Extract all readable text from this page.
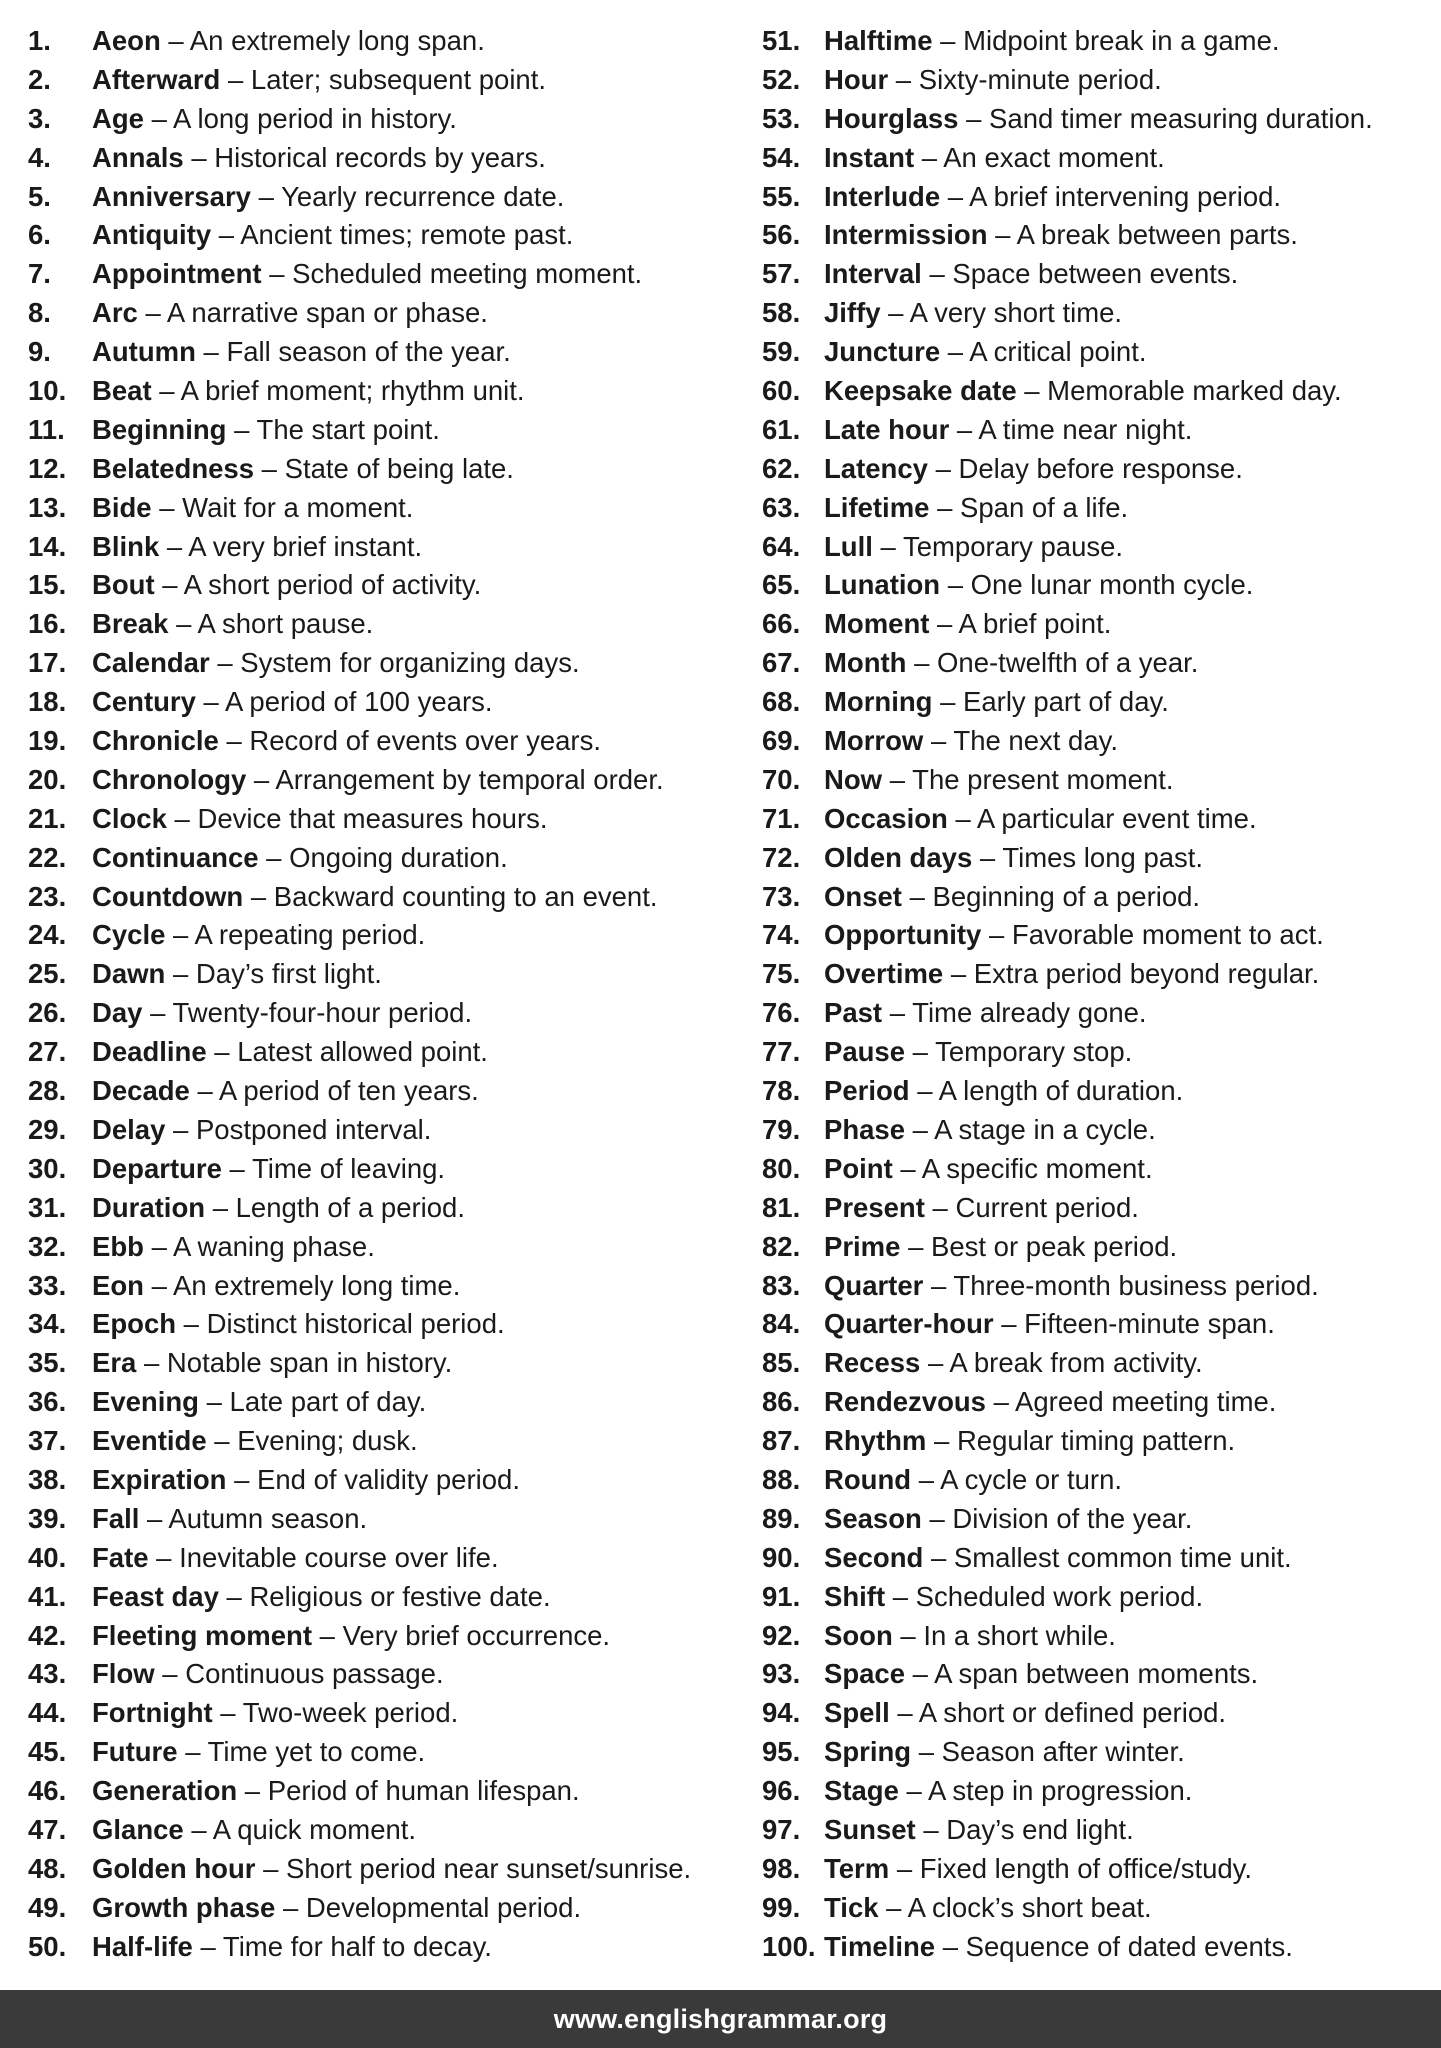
1.	Aeon – An extremely long span.
2.	Afterward – Later; subsequent point.
3.	Age – A long period in history.
4.	Annals – Historical records by years.
5.	Anniversary – Yearly recurrence date.
6.	Antiquity – Ancient times; remote past.
7.	Appointment – Scheduled meeting moment.
8.	Arc – A narrative span or phase.
9.	Autumn – Fall season of the year.
10. Beat – A brief moment; rhythm unit.
11. Beginning – The start point.
12. Belatedness – State of being late.
13. Bide – Wait for a moment.
14. Blink – A very brief instant.
15. Bout – A short period of activity.
16. Break – A short pause.
17. Calendar – System for organizing days.
18. Century – A period of 100 years.
19. Chronicle – Record of events over years.
20. Chronology – Arrangement by temporal order.
21. Clock – Device that measures hours.
22. Continuance – Ongoing duration.
23. Countdown – Backward counting to an event.
24. Cycle – A repeating period.
25. Dawn – Day’s first light.
26. Day – Twenty-four-hour period.
27. Deadline – Latest allowed point.
28. Decade – A period of ten years.
29. Delay – Postponed interval.
30. Departure – Time of leaving.
31. Duration – Length of a period.
32. Ebb – A waning phase.
33. Eon – An extremely long time.
34. Epoch – Distinct historical period.
35. Era – Notable span in history.
36. Evening – Late part of day.
37. Eventide – Evening; dusk.
38. Expiration – End of validity period.
39. Fall – Autumn season.
40. Fate – Inevitable course over life.
41. Feast day – Religious or festive date.
42. Fleeting moment – Very brief occurrence.
43. Flow – Continuous passage.
44. Fortnight – Two-week period.
45. Future – Time yet to come.
46. Generation – Period of human lifespan.
47. Glance – A quick moment.
48. Golden hour – Short period near sunset/sunrise.
49. Growth phase – Developmental period.
50. Half-life – Time for half to decay.
51. Halftime – Midpoint break in a game.
52. Hour – Sixty-minute period.
53. Hourglass – Sand timer measuring duration.
54. Instant – An exact moment.
55. Interlude – A brief intervening period.
56. Intermission – A break between parts.
57. Interval – Space between events.
58. Jiffy – A very short time.
59. Juncture – A critical point.
60. Keepsake date – Memorable marked day.
61. Late hour – A time near night.
62. Latency – Delay before response.
63. Lifetime – Span of a life.
64. Lull – Temporary pause.
65. Lunation – One lunar month cycle.
66. Moment – A brief point.
67. Month – One-twelfth of a year.
68. Morning – Early part of day.
69. Morrow – The next day.
70. Now – The present moment.
71. Occasion – A particular event time.
72. Olden days – Times long past.
73. Onset – Beginning of a period.
74. Opportunity – Favorable moment to act.
75. Overtime – Extra period beyond regular.
76. Past – Time already gone.
77. Pause – Temporary stop.
78. Period – A length of duration.
79. Phase – A stage in a cycle.
80. Point – A specific moment.
81. Present – Current period.
82. Prime – Best or peak period.
83. Quarter – Three-month business period.
84. Quarter-hour – Fifteen-minute span.
85. Recess – A break from activity.
86. Rendezvous – Agreed meeting time.
87. Rhythm – Regular timing pattern.
88. Round – A cycle or turn.
89. Season – Division of the year.
90. Second – Smallest common time unit.
91. Shift – Scheduled work period.
92. Soon – In a short while.
93. Space – A span between moments.
94. Spell – A short or defined period.
95. Spring – Season after winter.
96. Stage – A step in progression.
97. Sunset – Day’s end light.
98. Term – Fixed length of office/study.
99. Tick – A clock’s short beat.
100. Timeline – Sequence of dated events.
www.englishgrammar.org
